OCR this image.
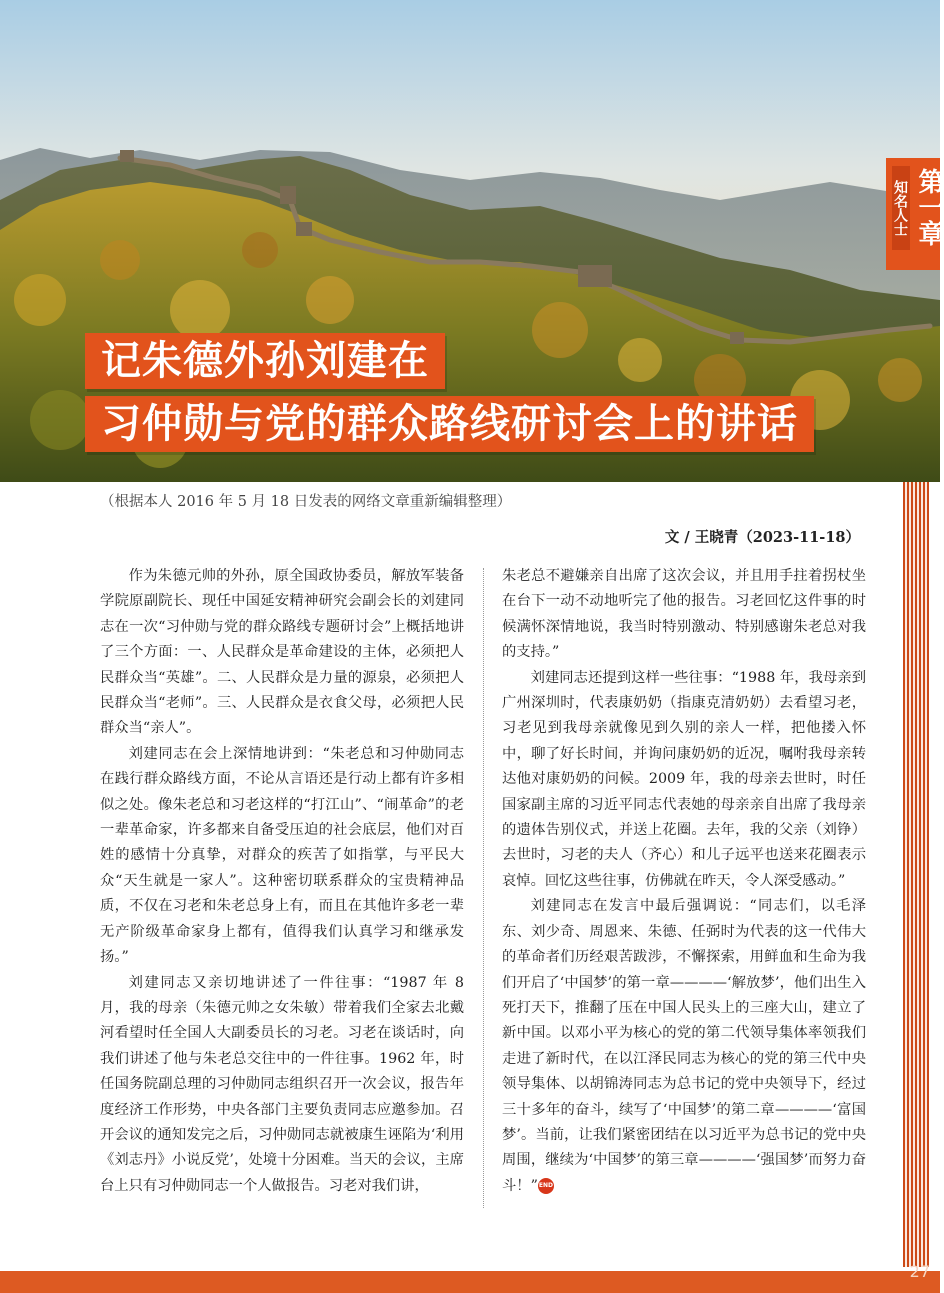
记朱德外孙刘建在
习仲勋与党的群众路线研讨会上的讲话
知名人士 第一章
（根据本人 2016 年 5 月 18 日发表的网络文章重新编辑整理）
文 / 王晓青（2023-11-18）

作为朱德元帅的外孙，原全国政协委员，解放军装备学院原副院长、现任中国延安精神研究会副会长的刘建同志在一次“习仲勋与党的群众路线专题研讨会”上概括地讲了三个方面：一、人民群众是革命建设的主体，必须把人民群众当“英雄”。二、人民群众是力量的源泉，必须把人民群众当“老师”。三、人民群众是衣食父母，必须把人民群众当“亲人”。

刘建同志在会上深情地讲到：“朱老总和习仲勋同志在践行群众路线方面，不论从言语还是行动上都有许多相似之处。像朱老总和习老这样的“打江山”、“闹革命”的老一辈革命家，许多都来自备受压迫的社会底层，他们对百姓的感情十分真挚，对群众的疾苦了如指掌，与平民大众“天生就是一家人”。这种密切联系群众的宝贵精神品质，不仅在习老和朱老总身上有，而且在其他许多老一辈无产阶级革命家身上都有，值得我们认真学习和继承发扬。”

刘建同志又亲切地讲述了一件往事：“1987 年 8 月，我的母亲（朱德元帅之女朱敏）带着我们全家去北戴河看望时任全国人大副委员长的习老。习老在谈话时，向我们讲述了他与朱老总交往中的一件往事。1962 年，时任国务院副总理的习仲勋同志组织召开一次会议，报告年度经济工作形势，中央各部门主要负责同志应邀参加。召开会议的通知发完之后，习仲勋同志就被康生诬陷为‘利用《刘志丹》小说反党’，处境十分困难。当天的会议，主席台上只有习仲勋同志一个人做报告。习老对我们讲，

朱老总不避嫌亲自出席了这次会议，并且用手拄着拐杖坐在台下一动不动地听完了他的报告。习老回忆这件事的时候满怀深情地说，我当时特别激动、特别感谢朱老总对我的支持。”

刘建同志还提到这样一些往事：“1988 年，我母亲到广州深圳时，代表康奶奶（指康克清奶奶）去看望习老，习老见到我母亲就像见到久别的亲人一样，把他搂入怀中，聊了好长时间，并询问康奶奶的近况，嘱咐我母亲转达他对康奶奶的问候。2009 年，我的母亲去世时，时任国家副主席的习近平同志代表她的母亲亲自出席了我母亲的遗体告别仪式，并送上花圈。去年，我的父亲（刘铮）去世时，习老的夫人（齐心）和儿子远平也送来花圈表示哀悼。回忆这些往事，仿佛就在昨天，令人深受感动。”

刘建同志在发言中最后强调说：“同志们，以毛泽东、刘少奇、周恩来、朱德、任弼时为代表的这一代伟大的革命者们历经艰苦跋涉，不懈探索，用鲜血和生命为我们开启了‘中国梦’的第一章————‘解放梦’，他们出生入死打天下，推翻了压在中国人民头上的三座大山，建立了新中国。以邓小平为核心的党的第二代领导集体率领我们走进了新时代，在以江泽民同志为核心的党的第三代中央领导集体、以胡锦涛同志为总书记的党中央领导下，经过三十多年的奋斗，续写了‘中国梦’的第二章————‘富国梦’。当前，让我们紧密团结在以习近平为总书记的党中央周围，继续为‘中国梦’的第三章————‘强国梦’而努力奋斗！”END

27
